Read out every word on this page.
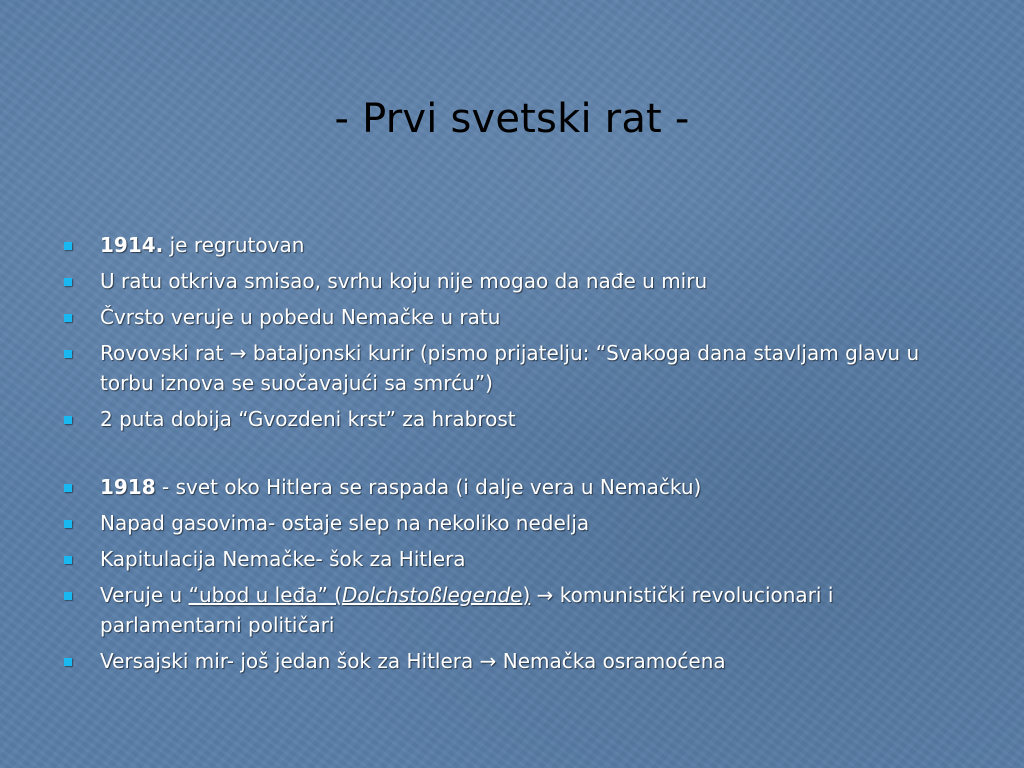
- Prvi svetski rat -
1914. je regrutovan
U ratu otkriva smisao, svrhu koju nije mogao da nađe u miru
Čvrsto veruje u pobedu Nemačke u ratu
Rovovski rat → bataljonski kurir (pismo prijatelju: “Svakoga dana stavljam glavu u torbu iznova se suočavajući sa smrću”)
2 puta dobija “Gvozdeni krst” za hrabrost
1918 - svet oko Hitlera se raspada (i dalje vera u Nemačku)
Napad gasovima- ostaje slep na nekoliko nedelja
Kapitulacija Nemačke- šok za Hitlera
Veruje u “ubod u leđa” (Dolchstoßlegende) → komunistički revolucionari i parlamentarni političari
Versajski mir- još jedan šok za Hitlera → Nemačka osramoćena
